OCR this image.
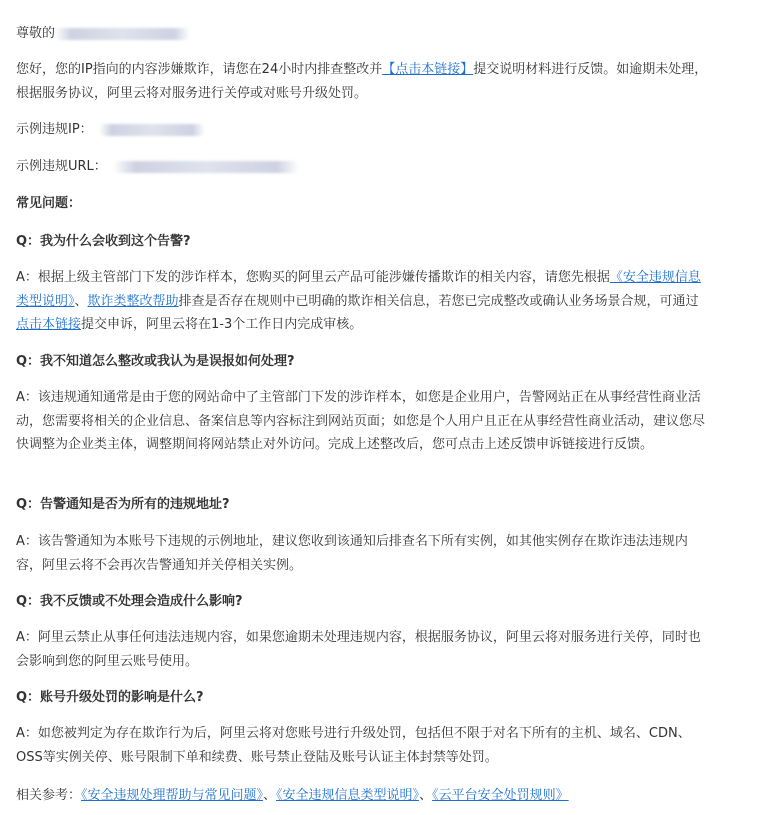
尊敬的

您好，您的IP指向的内容涉嫌欺诈，请您在24小时内排查整改并【点击本链接】提交说明材料进行反馈。如逾期未处理，根据服务协议，阿里云将对服务进行关停或对账号升级处罚。

示例违规IP：

示例违规URL：

常见问题：

Q：我为什么会收到这个告警?

A：根据上级主管部门下发的涉诈样本，您购买的阿里云产品可能涉嫌传播欺诈的相关内容，请您先根据《安全违规信息类型说明》、欺诈类整改帮助排查是否存在规则中已明确的欺诈相关信息，若您已完成整改或确认业务场景合规，可通过点击本链接提交申诉，阿里云将在1-3个工作日内完成审核。

Q：我不知道怎么整改或我认为是误报如何处理?

A：该违规通知通常是由于您的网站命中了主管部门下发的涉诈样本，如您是企业用户，告警网站正在从事经营性商业活动，您需要将相关的企业信息、备案信息等内容标注到网站页面；如您是个人用户且正在从事经营性商业活动，建议您尽快调整为企业类主体，调整期间将网站禁止对外访问。完成上述整改后，您可点击上述反馈申诉链接进行反馈。

Q：告警通知是否为所有的违规地址?

A：该告警通知为本账号下违规的示例地址，建议您收到该通知后排查名下所有实例，如其他实例存在欺诈违法违规内容，阿里云将不会再次告警通知并关停相关实例。

Q：我不反馈或不处理会造成什么影响?

A：阿里云禁止从事任何违法违规内容，如果您逾期未处理违规内容，根据服务协议，阿里云将对服务进行关停，同时也会影响到您的阿里云账号使用。

Q：账号升级处罚的影响是什么?

A：如您被判定为存在欺诈行为后，阿里云将对您账号进行升级处罚，包括但不限于对名下所有的主机、域名、CDN、OSS等实例关停、账号限制下单和续费、账号禁止登陆及账号认证主体封禁等处罚。

相关参考：《安全违规处理帮助与常见问题》、《安全违规信息类型说明》、《云平台安全处罚规则》
